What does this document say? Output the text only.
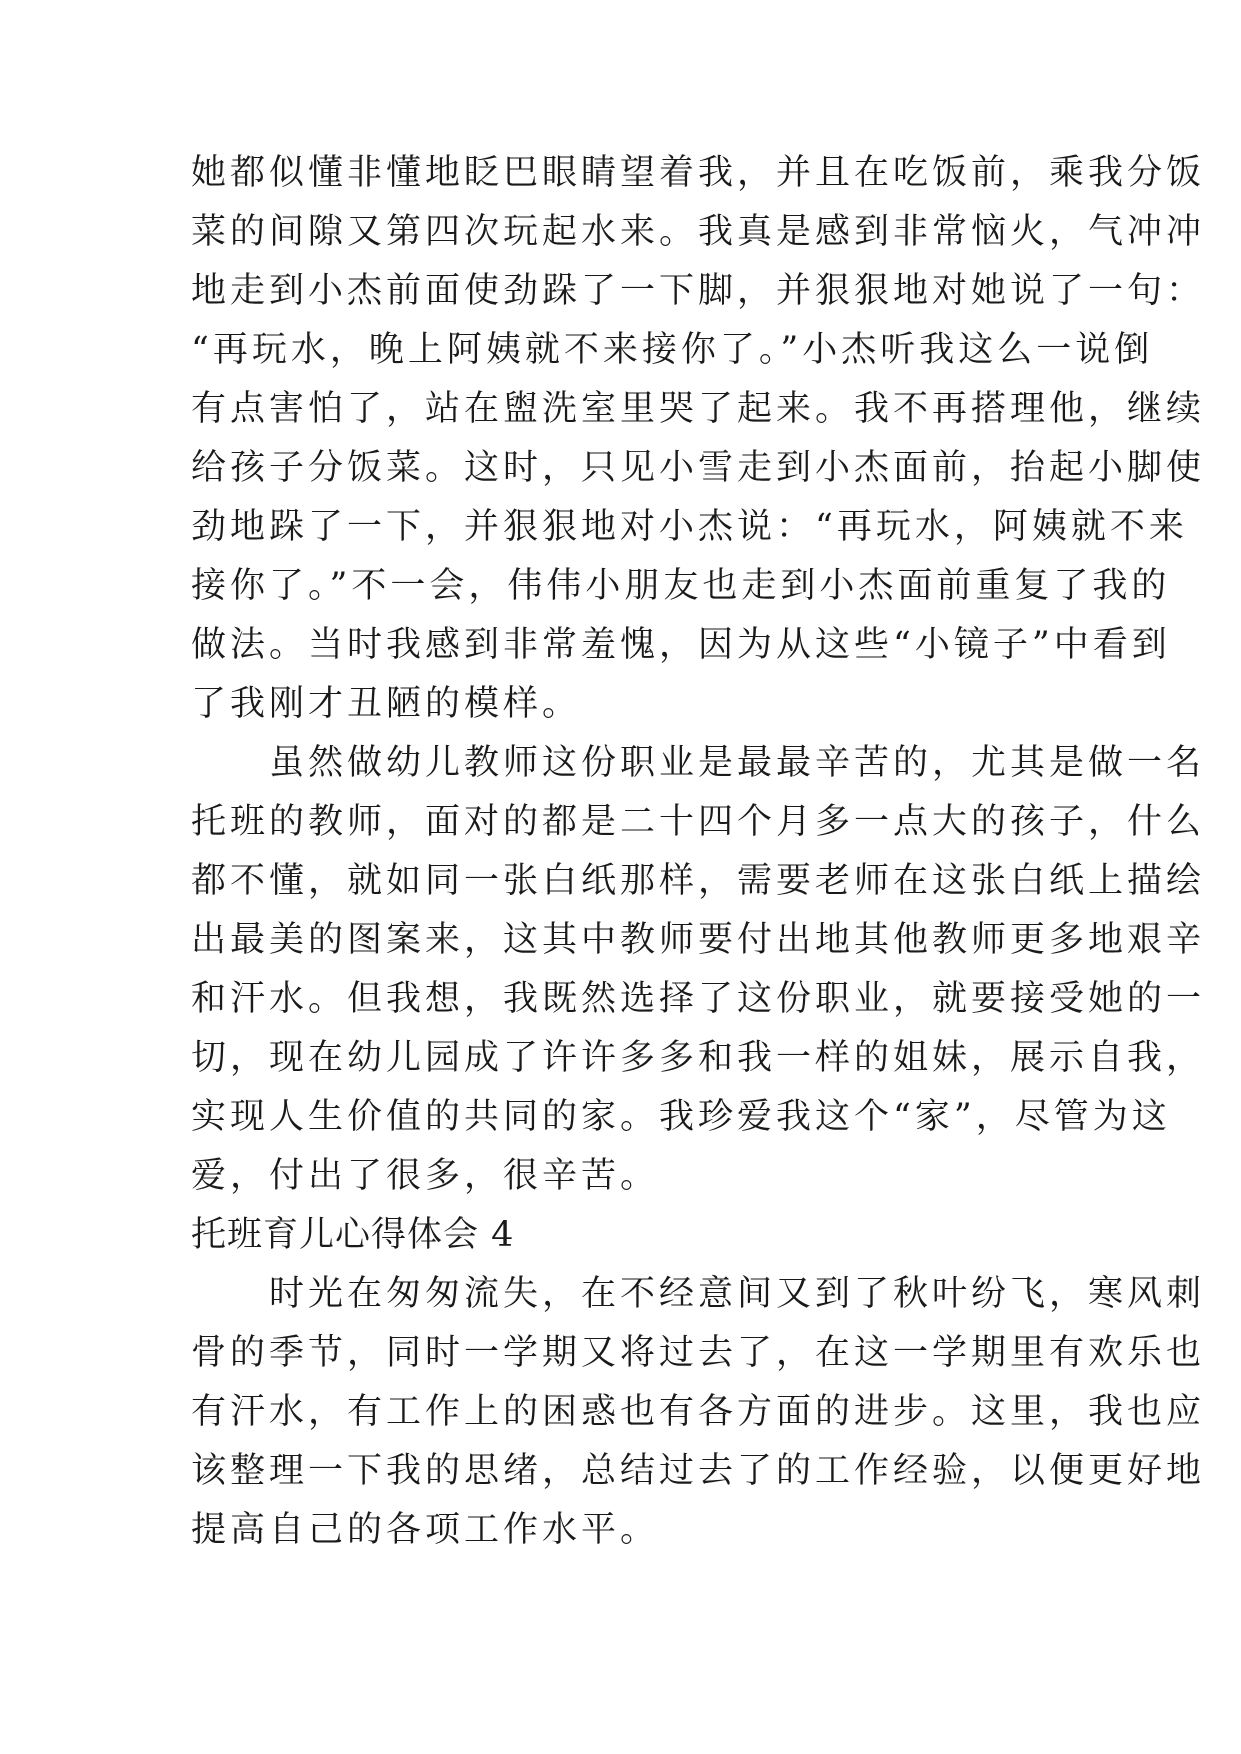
她都似懂非懂地眨巴眼睛望着我，并且在吃饭前，乘我分饭
菜的间隙又第四次玩起水来。我真是感到非常恼火，气冲冲
地走到小杰前面使劲跺了一下脚，并狠狠地对她说了一句：
“再玩水，晚上阿姨就不来接你了。”小杰听我这么一说倒
有点害怕了，站在盥洗室里哭了起来。我不再搭理他，继续
给孩子分饭菜。这时，只见小雪走到小杰面前，抬起小脚使
劲地跺了一下，并狠狠地对小杰说：“再玩水，阿姨就不来
接你了。”不一会，伟伟小朋友也走到小杰面前重复了我的
做法。当时我感到非常羞愧，因为从这些“小镜子”中看到
了我刚才丑陋的模样。
　　虽然做幼儿教师这份职业是最最辛苦的，尤其是做一名
托班的教师，面对的都是二十四个月多一点大的孩子，什么
都不懂，就如同一张白纸那样，需要老师在这张白纸上描绘
出最美的图案来，这其中教师要付出地其他教师更多地艰辛
和汗水。但我想，我既然选择了这份职业，就要接受她的一
切，现在幼儿园成了许许多多和我一样的姐妹，展示自我，
实现人生价值的共同的家。我珍爱我这个“家”，尽管为这
爱，付出了很多，很辛苦。
托班育儿心得体会 4
　　时光在匆匆流失，在不经意间又到了秋叶纷飞，寒风刺
骨的季节，同时一学期又将过去了，在这一学期里有欢乐也
有汗水，有工作上的困惑也有各方面的进步。这里，我也应
该整理一下我的思绪，总结过去了的工作经验，以便更好地
提高自己的各项工作水平。
